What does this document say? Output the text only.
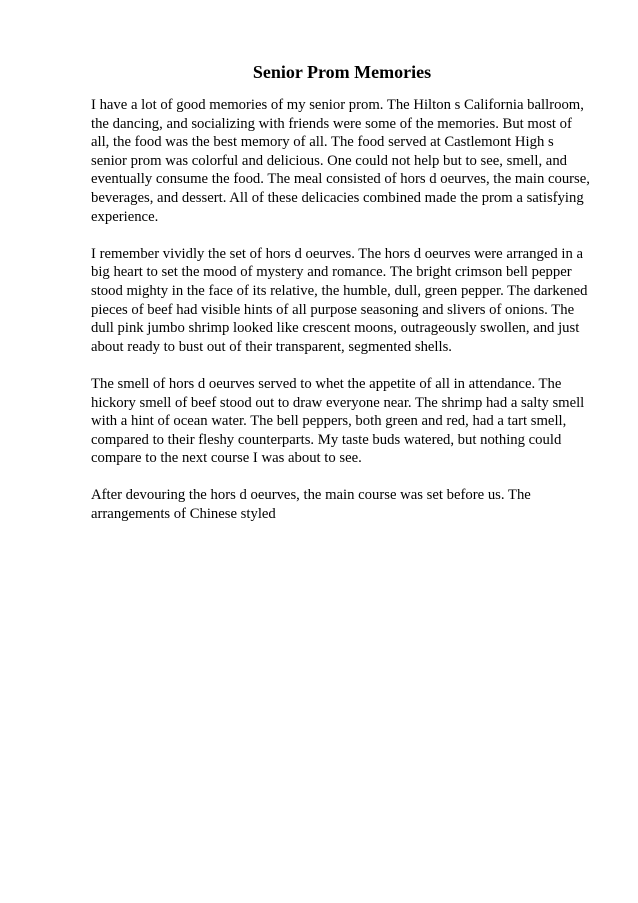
Senior Prom Memories

I have a lot of good memories of my senior prom. The Hilton s California ballroom,
the dancing, and socializing with friends were some of the memories. But most of
all, the food was the best memory of all. The food served at Castlemont High s
senior prom was colorful and delicious. One could not help but to see, smell, and
eventually consume the food. The meal consisted of hors d oeurves, the main course,
beverages, and dessert. All of these delicacies combined made the prom a satisfying
experience.

I remember vividly the set of hors d oeurves. The hors d oeurves were arranged in a
big heart to set the mood of mystery and romance. The bright crimson bell pepper
stood mighty in the face of its relative, the humble, dull, green pepper. The darkened
pieces of beef had visible hints of all purpose seasoning and slivers of onions. The
dull pink jumbo shrimp looked like crescent moons, outrageously swollen, and just
about ready to bust out of their transparent, segmented shells.

The smell of hors d oeurves served to whet the appetite of all in attendance. The
hickory smell of beef stood out to draw everyone near. The shrimp had a salty smell
with a hint of ocean water. The bell peppers, both green and red, had a tart smell,
compared to their fleshy counterparts. My taste buds watered, but nothing could
compare to the next course I was about to see.

After devouring the hors d oeurves, the main course was set before us. The
arrangements of Chinese styled
